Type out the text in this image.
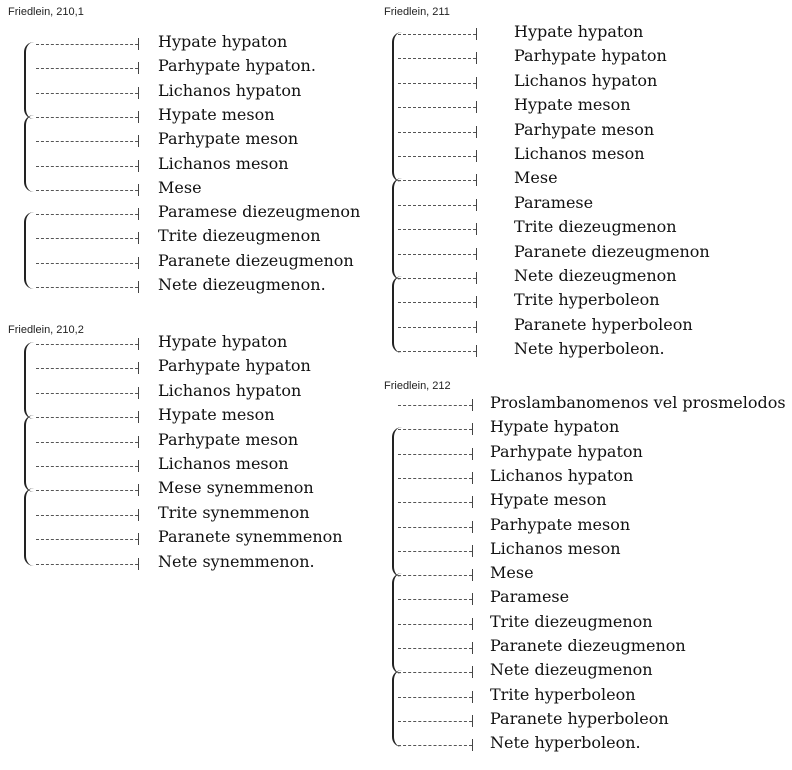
Friedlein, 210,1
Friedlein, 210,2
Friedlein, 211
Friedlein, 212
Hypate hypaton
Parhypate hypaton.
Lichanos hypaton
Hypate meson
Parhypate meson
Lichanos meson
Mese
Paramese diezeugmenon
Trite diezeugmenon
Paranete diezeugmenon
Nete diezeugmenon.
Hypate hypaton
Parhypate hypaton
Lichanos hypaton
Hypate meson
Parhypate meson
Lichanos meson
Mese synemmenon
Trite synemmenon
Paranete synemmenon
Nete synemmenon.
Hypate hypaton
Parhypate hypaton
Lichanos hypaton
Hypate meson
Parhypate meson
Lichanos meson
Mese
Paramese
Trite diezeugmenon
Paranete diezeugmenon
Nete diezeugmenon
Trite hyperboleon
Paranete hyperboleon
Nete hyperboleon.
Proslambanomenos vel prosmelodos
Hypate hypaton
Parhypate hypaton
Lichanos hypaton
Hypate meson
Parhypate meson
Lichanos meson
Mese
Paramese
Trite diezeugmenon
Paranete diezeugmenon
Nete diezeugmenon
Trite hyperboleon
Paranete hyperboleon
Nete hyperboleon.
